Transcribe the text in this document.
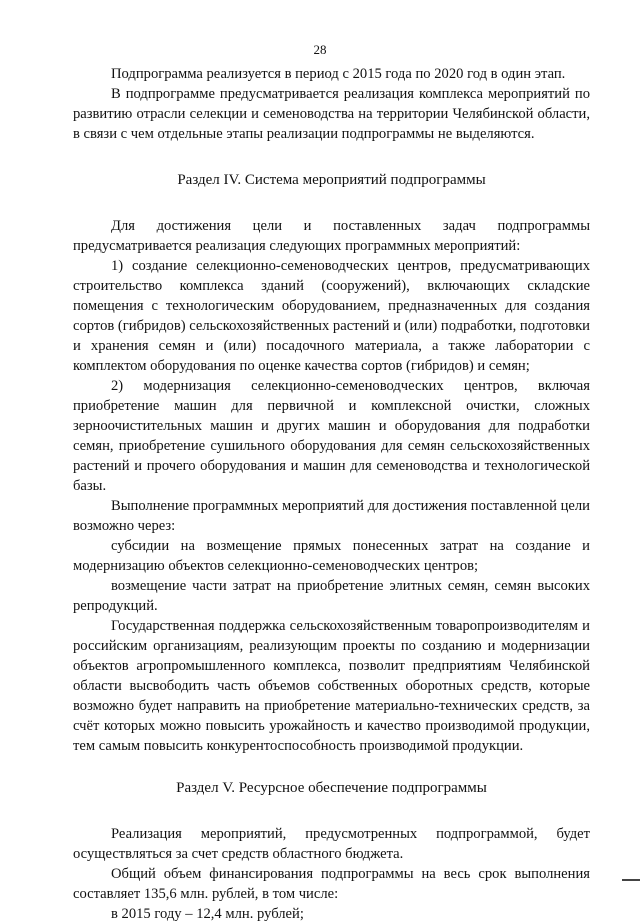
28

Подпрограмма реализуется в период с 2015 года по 2020 год в один этап.

В подпрограмме предусматривается реализация комплекса мероприятий по развитию отрасли селекции и семеноводства на территории Челябинской области, в связи с чем отдельные этапы реализации подпрограммы не выделяются.

Раздел IV. Система мероприятий подпрограммы

Для достижения цели и поставленных задач подпрограммы предусматривается реализация следующих программных мероприятий:

1) создание селекционно-семеноводческих центров, предусматривающих строительство комплекса зданий (сооружений), включающих складские помещения с технологическим оборудованием, предназначенных для создания сортов (гибридов) сельскохозяйственных растений и (или) подработки, подготовки и хранения семян и (или) посадочного материала, а также лаборатории с комплектом оборудования по оценке качества сортов (гибридов) и семян;

2) модернизация селекционно-семеноводческих центров, включая приобретение машин для первичной и комплексной очистки, сложных зерноочистительных машин и других машин и оборудования для подработки семян, приобретение сушильного оборудования для семян сельскохозяйственных растений и прочего оборудования и машин для семеноводства и технологической базы.

Выполнение программных мероприятий для достижения поставленной цели возможно через:

субсидии на возмещение прямых понесенных затрат на создание и модернизацию объектов селекционно-семеноводческих центров;

возмещение части затрат на приобретение элитных семян, семян высоких репродукций.

Государственная поддержка сельскохозяйственным товаропроизводителям и российским организациям, реализующим проекты по созданию и модернизации объектов агропромышленного комплекса, позволит предприятиям Челябинской области высвободить часть объемов собственных оборотных средств, которые возможно будет направить на приобретение материально-технических средств, за счёт которых можно повысить урожайность и качество производимой продукции, тем самым повысить конкурентоспособность производимой продукции.

Раздел V. Ресурсное обеспечение подпрограммы

Реализация мероприятий, предусмотренных подпрограммой, будет осуществляться за счет средств областного бюджета.

Общий объем финансирования подпрограммы на весь срок выполнения составляет 135,6 млн. рублей, в том числе:

в 2015 году – 12,4 млн. рублей;
